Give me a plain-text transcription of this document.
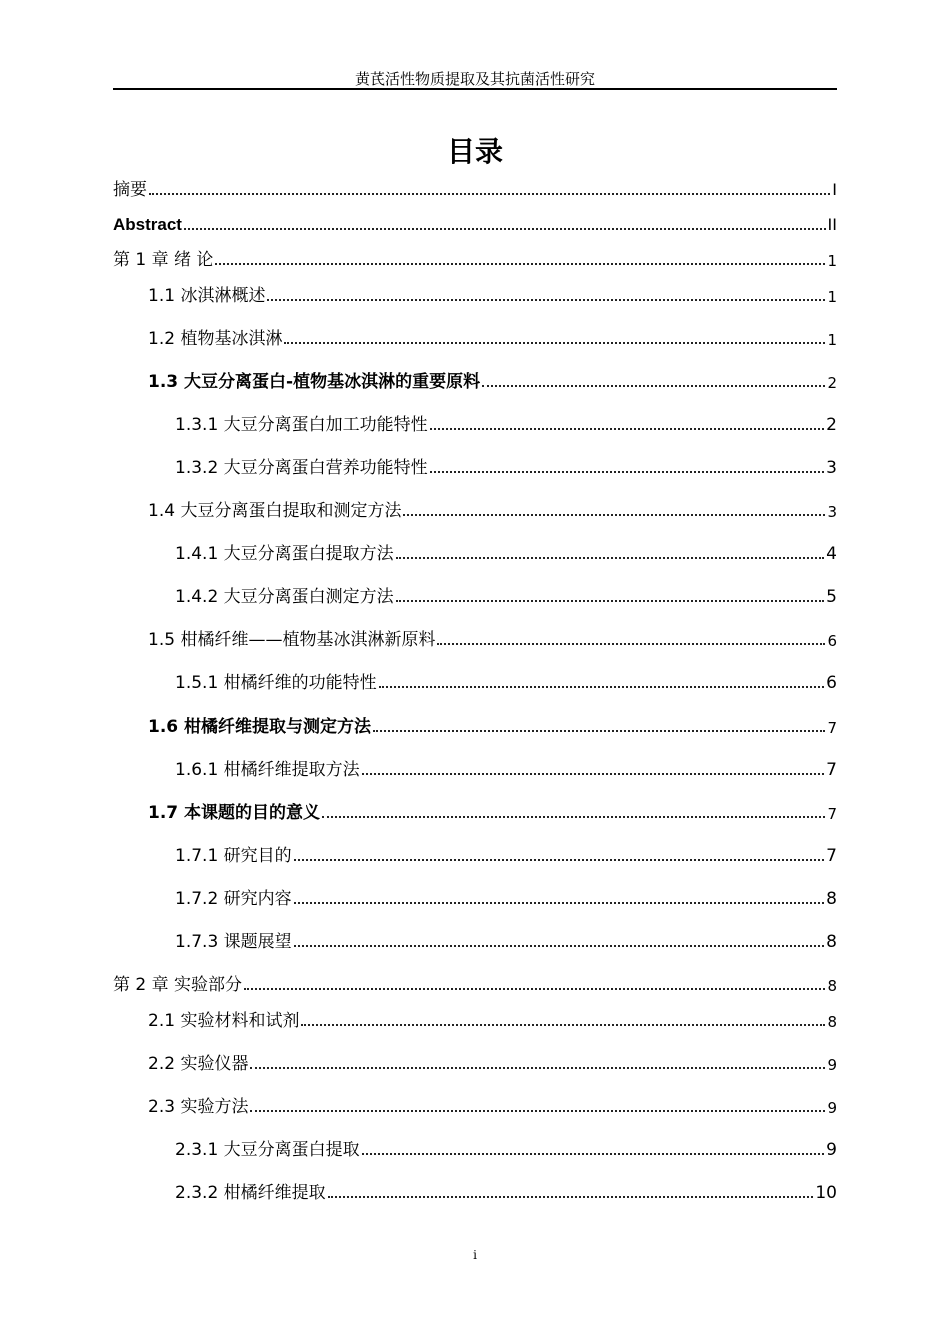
黄芪活性物质提取及其抗菌活性研究
目录
摘要	I
Abstract	II
第 1 章 绪 论	1
1.1 冰淇淋概述	1
1.2 植物基冰淇淋	1
1.3 大豆分离蛋白-植物基冰淇淋的重要原料	2
1.3.1 大豆分离蛋白加工功能特性	2
1.3.2 大豆分离蛋白营养功能特性	3
1.4 大豆分离蛋白提取和测定方法	3
1.4.1 大豆分离蛋白提取方法	4
1.4.2 大豆分离蛋白测定方法	5
1.5 柑橘纤维——植物基冰淇淋新原料	6
1.5.1 柑橘纤维的功能特性	6
1.6 柑橘纤维提取与测定方法	7
1.6.1 柑橘纤维提取方法	7
1.7 本课题的目的意义	7
1.7.1 研究目的	7
1.7.2 研究内容	8
1.7.3 课题展望	8
第 2 章 实验部分	8
2.1 实验材料和试剂	8
2.2 实验仪器	9
2.3 实验方法	9
2.3.1 大豆分离蛋白提取	9
2.3.2 柑橘纤维提取	10
i
